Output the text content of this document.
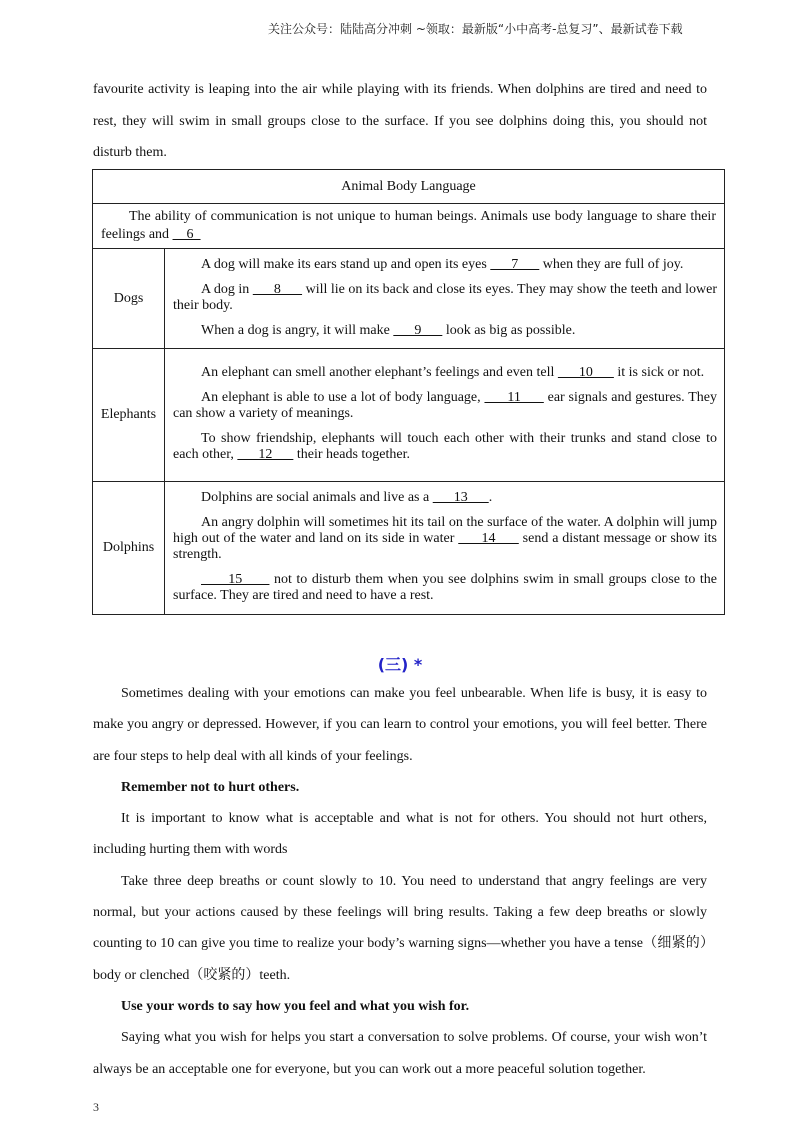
关注公众号：陆陆高分冲刺 ~领取：最新版“小中高考-总复习”、最新试卷下载

favourite activity is leaping into the air while playing with its friends. When dolphins are tired and need to rest, they will swim in small groups close to the surface. If you see dolphins doing this, you should not disturb them.

Animal Body Language	
The ability of communication is not unique to human beings. Animals use body language to share their feelings and     6	
Dogs	A dog will make its ears stand up and open its eyes       7       when they are full of joy.

A dog in       8       will lie on its back and close its eyes. They may show the teeth and lower their body.

When a dog is angry, it will make       9       look as big as possible.

Elephants	An elephant can smell another elephant’s feelings and even tell       10       it is sick or not.

An elephant is able to use a lot of body language,       11       ear signals and gestures. They can show a variety of meanings.

To show friendship, elephants will touch each other with their trunks and stand close to each other,       12       their heads together.

Dolphins	Dolphins are social animals and live as a       13      .

An angry dolphin will sometimes hit its tail on the surface of the water. A dolphin will jump high out of the water and land on its side in water       14       send a distant message or show its strength.

15       not to disturb them when you see dolphins swim in small groups close to the surface. They are tired and need to have a rest.

(三) *

Sometimes dealing with your emotions can make you feel unbearable. When life is busy, it is easy to make you angry or depressed. However, if you can learn to control your emotions, you will feel better. There are four steps to help deal with all kinds of your feelings.

Remember not to hurt others.

It is important to know what is acceptable and what is not for others. You should not hurt others, including hurting them with words

Take three deep breaths or count slowly to 10. You need to understand that angry feelings are very normal, but your actions caused by these feelings will bring results. Taking a few deep breaths or slowly counting to 10 can give you time to realize your body’s warning signs—whether you have a tense（细紧的）body or clenched（咬紧的）teeth.

Use your words to say how you feel and what you wish for.

Saying what you wish for helps you start a conversation to solve problems. Of course, your wish won’t always be an acceptable one for everyone, but you can work out a more peaceful solution together.

3
